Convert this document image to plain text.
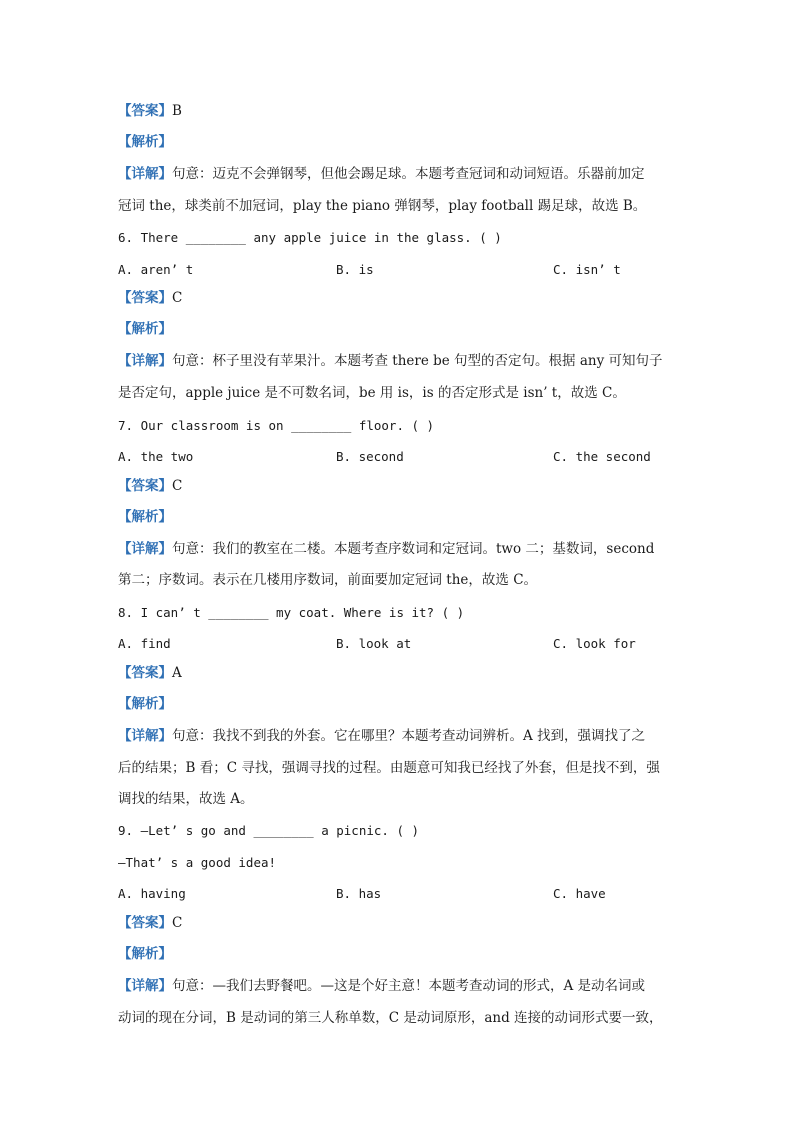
【答案】B
【解析】
【详解】句意：迈克不会弹钢琴，但他会踢足球。本题考查冠词和动词短语。乐器前加定
冠词 the，球类前不加冠词，play the piano 弹钢琴，play football 踢足球，故选 B。
6. There ________ any apple juice in the glass. ( )
A. aren’ t	B. is	C. isn’ t
【答案】C
【解析】
【详解】句意：杯子里没有苹果汁。本题考查 there be 句型的否定句。根据 any 可知句子
是否定句，apple juice 是不可数名词，be 用 is，is 的否定形式是 isn’ t，故选 C。
7. Our classroom is on ________ floor. ( )
A. the two	B. second	C. the second
【答案】C
【解析】
【详解】句意：我们的教室在二楼。本题考查序数词和定冠词。two 二；基数词，second
第二；序数词。表示在几楼用序数词，前面要加定冠词 the，故选 C。
8. I can’ t ________ my coat. Where is it? ( )
A. find	B. look at	C. look for
【答案】A
【解析】
【详解】句意：我找不到我的外套。它在哪里？本题考查动词辨析。A 找到，强调找了之
后的结果；B 看；C 寻找，强调寻找的过程。由题意可知我已经找了外套，但是找不到，强
调找的结果，故选 A。
9. —Let’ s go and ________ a picnic. ( )
—That’ s a good idea!
A. having	B. has	C. have
【答案】C
【解析】
【详解】句意：—我们去野餐吧。—这是个好主意！本题考查动词的形式，A 是动名词或
动词的现在分词，B 是动词的第三人称单数，C 是动词原形，and 连接的动词形式要一致，
